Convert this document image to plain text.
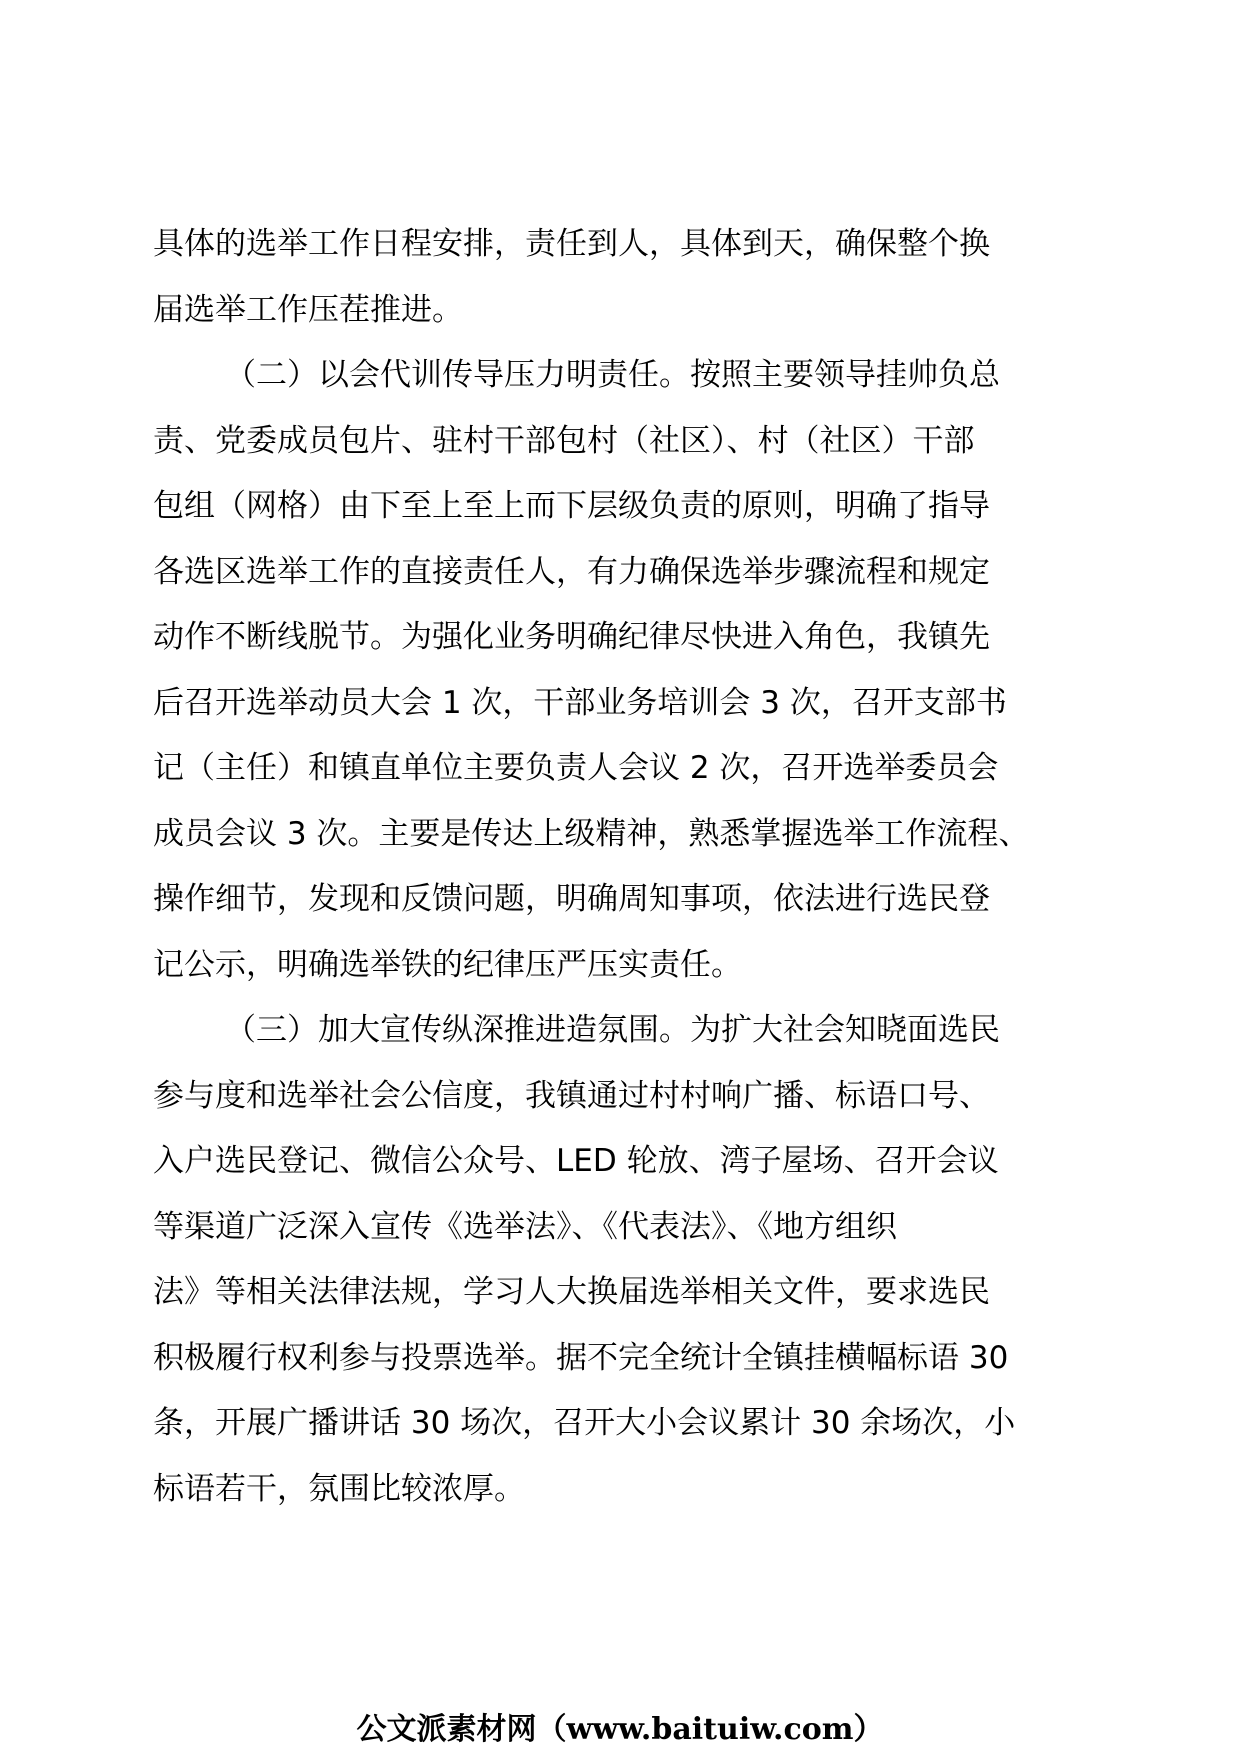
具体的选举工作日程安排，责任到人，具体到天，确保整个换
届选举工作压茬推进。
（二）以会代训传导压力明责任。按照主要领导挂帅负总
责、党委成员包片、驻村干部包村（社区）、村（社区）干部
包组（网格）由下至上至上而下层级负责的原则，明确了指导
各选区选举工作的直接责任人，有力确保选举步骤流程和规定
动作不断线脱节。为强化业务明确纪律尽快进入角色，我镇先
后召开选举动员大会 1 次，干部业务培训会 3 次，召开支部书
记（主任）和镇直单位主要负责人会议 2 次，召开选举委员会
成员会议 3 次。主要是传达上级精神，熟悉掌握选举工作流程、
操作细节，发现和反馈问题，明确周知事项，依法进行选民登
记公示，明确选举铁的纪律压严压实责任。
（三）加大宣传纵深推进造氛围。为扩大社会知晓面选民
参与度和选举社会公信度，我镇通过村村响广播、标语口号、
入户选民登记、微信公众号、LED 轮放、湾子屋场、召开会议
等渠道广泛深入宣传《选举法》、《代表法》、《地方组织
法》等相关法律法规，学习人大换届选举相关文件，要求选民
积极履行权利参与投票选举。据不完全统计全镇挂横幅标语 30
条，开展广播讲话 30 场次，召开大小会议累计 30 余场次，小
标语若干，氛围比较浓厚。
公文派素材网（www.baituiw.com）
